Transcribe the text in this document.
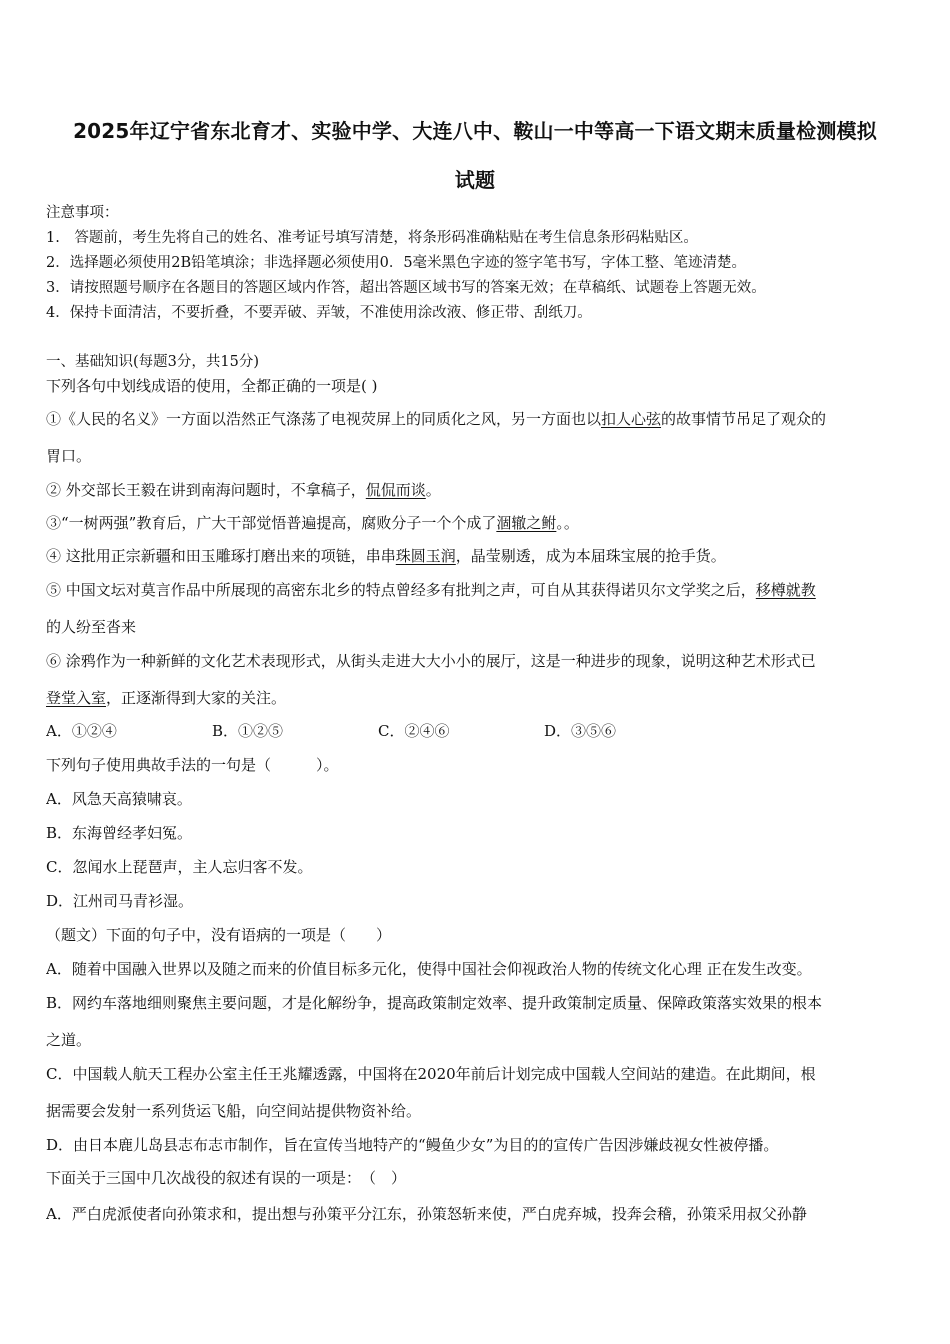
2025年辽宁省东北育才、实验中学、大连八中、鞍山一中等高一下语文期末质量检测模拟
试题
注意事项：
1.　答题前，考生先将自己的姓名、准考证号填写清楚，将条形码准确粘贴在考生信息条形码粘贴区。
2．选择题必须使用2B铅笔填涂；非选择题必须使用0．5毫米黑色字迹的签字笔书写，字体工整、笔迹清楚。
3．请按照题号顺序在各题目的答题区域内作答，超出答题区域书写的答案无效；在草稿纸、试题卷上答题无效。
4．保持卡面清洁，不要折叠，不要弄破、弄皱，不准使用涂改液、修正带、刮纸刀。
一、基础知识(每题3分，共15分)
下列各句中划线成语的使用，全都正确的一项是( )
①《人民的名义》一方面以浩然正气涤荡了电视荧屏上的同质化之风，另一方面也以扣人心弦的故事情节吊足了观众的
胃口。
② 外交部长王毅在讲到南海问题时，不拿稿子，侃侃而谈。
③“一树两强”教育后，广大干部觉悟普遍提高，腐败分子一个个成了涸辙之鲋。。
④ 这批用正宗新疆和田玉雕琢打磨出来的项链，串串珠圆玉润，晶莹剔透，成为本届珠宝展的抢手货。
⑤ 中国文坛对莫言作品中所展现的高密东北乡的特点曾经多有批判之声，可自从其获得诺贝尔文学奖之后，移樽就教
的人纷至沓来
⑥ 涂鸦作为一种新鲜的文化艺术表现形式，从街头走进大大小小的展厅，这是一种进步的现象，说明这种艺术形式已
登堂入室，正逐渐得到大家的关注。
A．①②④	B．①②⑤	C．②④⑥	D．③⑤⑥
下列句子使用典故手法的一句是（　　　）。
A．风急天高猿啸哀。
B．东海曾经孝妇冤。
C．忽闻水上琵琶声，主人忘归客不发。
D．江州司马青衫湿。
（题文）下面的句子中，没有语病的一项是（　　）
A．随着中国融入世界以及随之而来的价值目标多元化，使得中国社会仰视政治人物的传统文化心理 正在发生改变。
B．网约车落地细则聚焦主要问题，才是化解纷争，提高政策制定效率、提升政策制定质量、保障政策落实效果的根本
之道。
C．中国载人航天工程办公室主任王兆耀透露，中国将在2020年前后计划完成中国载人空间站的建造。在此期间，根
据需要会发射一系列货运飞船，向空间站提供物资补给。
D．由日本鹿儿岛县志布志市制作，旨在宣传当地特产的“鳗鱼少女”为目的的宣传广告因涉嫌歧视女性被停播。
下面关于三国中几次战役的叙述有误的一项是：　（　）
A．严白虎派使者向孙策求和，提出想与孙策平分江东，孙策怒斩来使，严白虎弃城，投奔会稽，孙策采用叔父孙静
